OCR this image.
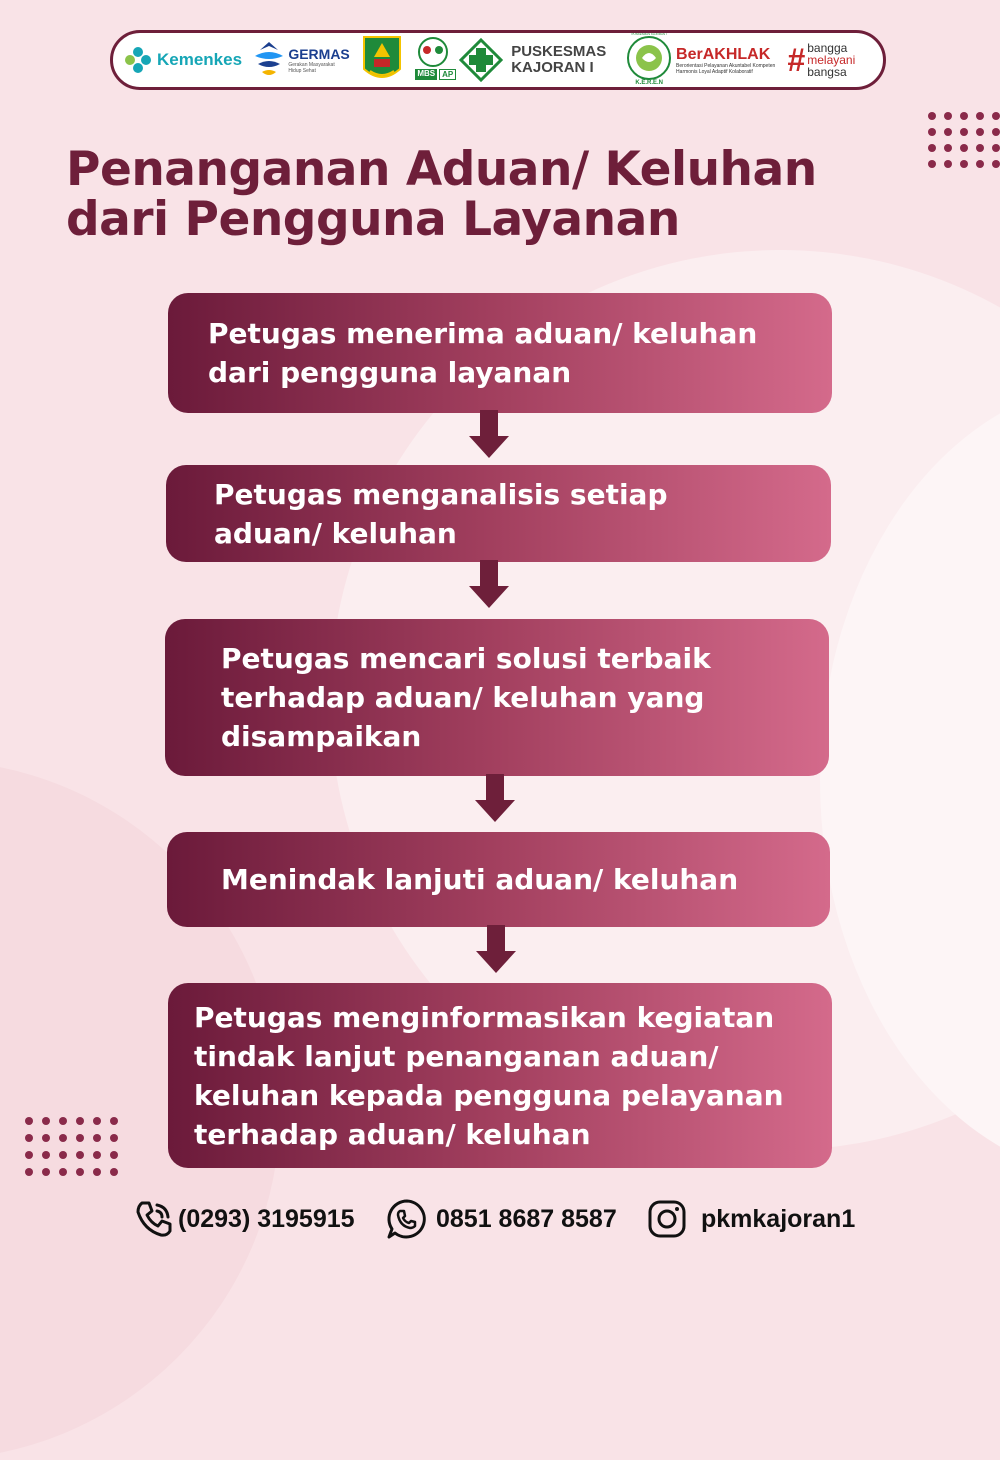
Kemenkes	GERMAS
Gerakan Masyarakat Hidup Sehat	MBS AP
PUSKESMAS
KAJORAN I
PUSKESMAS KAJORAN I
K.E.R.E.N
BerAKHLAK
Berorientasi Pelayanan Akuntabel Kompeten Harmonis Loyal Adaptif Kolaboratif	# bangga
melayani
bangsa
Penanganan Aduan/ Keluhan
dari Pengguna Layanan
Petugas menerima aduan/ keluhan
dari pengguna layanan
Petugas menganalisis setiap
aduan/ keluhan
Petugas mencari solusi terbaik
terhadap aduan/ keluhan yang
disampaikan
Menindak lanjuti aduan/ keluhan
Petugas menginformasikan kegiatan
tindak lanjut penanganan aduan/
keluhan kepada pengguna pelayanan
terhadap aduan/ keluhan
(0293) 3195915	0851 8687 8587	pkmkajoran1
